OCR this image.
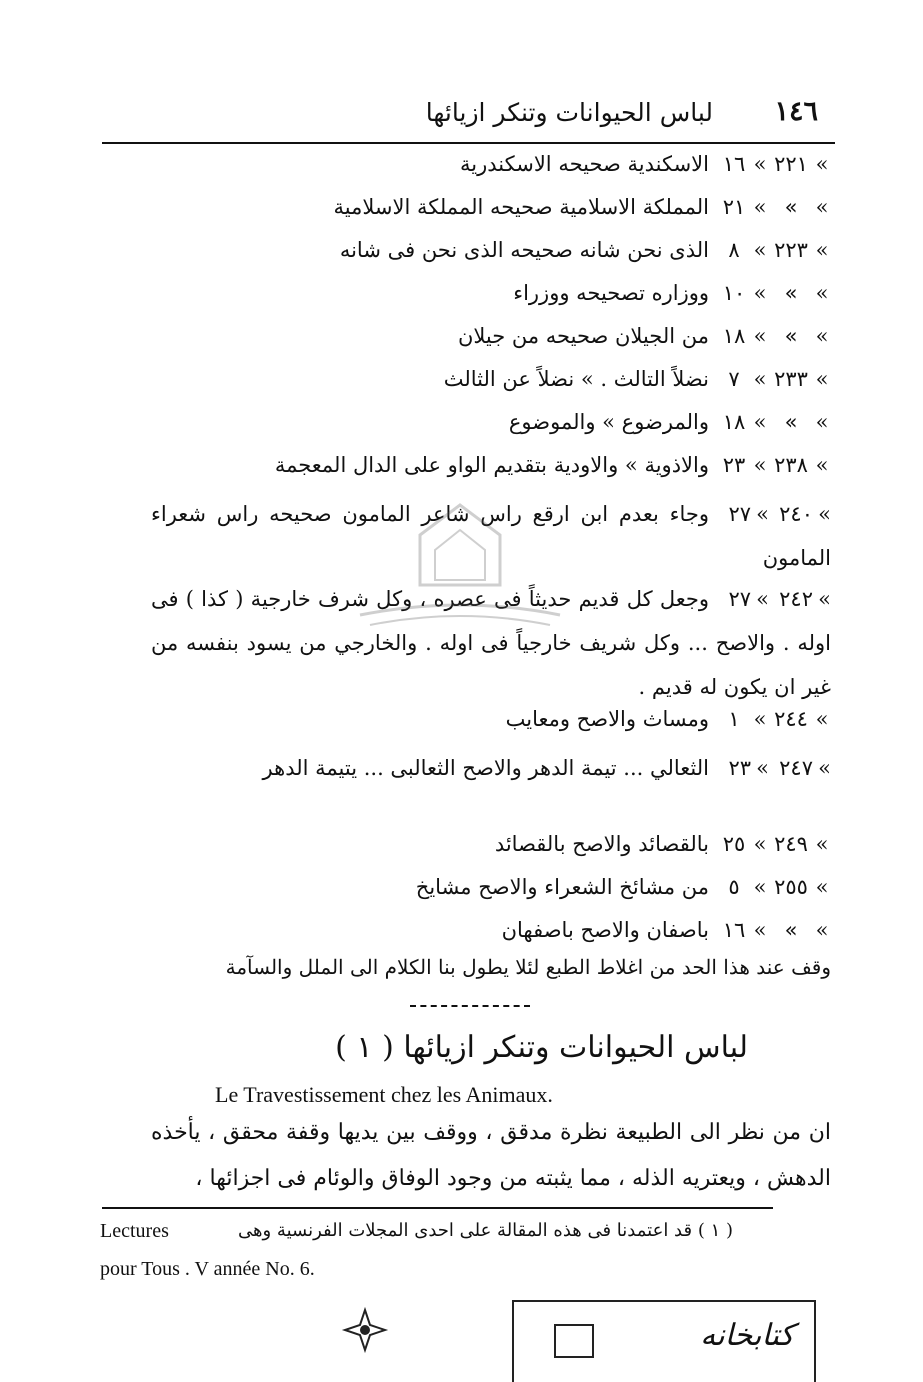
١٤٦
لباس الحيوانات وتنكر ازيائها
»٢٢١»١٦الاسكندية صحيحه الاسكندرية
»»»٢١المملكة الاسلامية صحيحه المملكة الاسلامية
»٢٢٣»٨الذى نحن شانه صحيحه الذى نحن فى شانه
»»»١٠ووزاره تصحيحه ووزراء
»»»١٨من الجيلان صحيحه من جيلان
»٢٣٣»٧نضلاً التالث . » نضلاً عن الثالث
»»»١٨والمرضوع » والموضوع
»٢٣٨»٢٣والاذوية » والاودية بتقديم الواو على الدال المعجمة
»٢٤٠»٢٧وجاء بعدم ابن ارقع راس شاعر المامون صحيحه راس شعراء المامون
»٢٤٢»٢٧وجعل كل قديم حديثاً فى عصره ، وكل شرف خارجية ( كذا ) فى اوله . والاصح ... وكل شريف خارجياً فى اوله . والخارجي من يسود بنفسه من غير ان يكون له قديم .
»٢٤٤»١ومساث والاصح ومعايب
»٢٤٧»٢٣الثعالي ... تيمة الدهر والاصح الثعالبى ... يتيمة الدهر
»٢٤٩»٢٥بالقصائد والاصح بالقصائد
»٢٥٥»٥من مشائخ الشعراء والاصح مشايخ
»»»١٦باصفان والاصح باصفهان
وقف عند هذا الحد من اغلاط الطبع لئلا يطول بنا الكلام الى الملل والسآمة
لباس الحيوانات وتنكر ازيائها ( ١ )
Le Travestissement chez les Animaux.
ان من نظر الى الطبيعة نظرة مدقق ، ووقف بين يديها وقفة محقق ، يأخذه الدهش ، ويعتريه الذله ، مما يثبته من وجود الوفاق والوئام فى اجزائها ،
Lectures	( ١ ) قد اعتمدنا فى هذه المقالة على احدى المجلات الفرنسية وهى
pour Tous . V année No. 6.
كتابخانه
